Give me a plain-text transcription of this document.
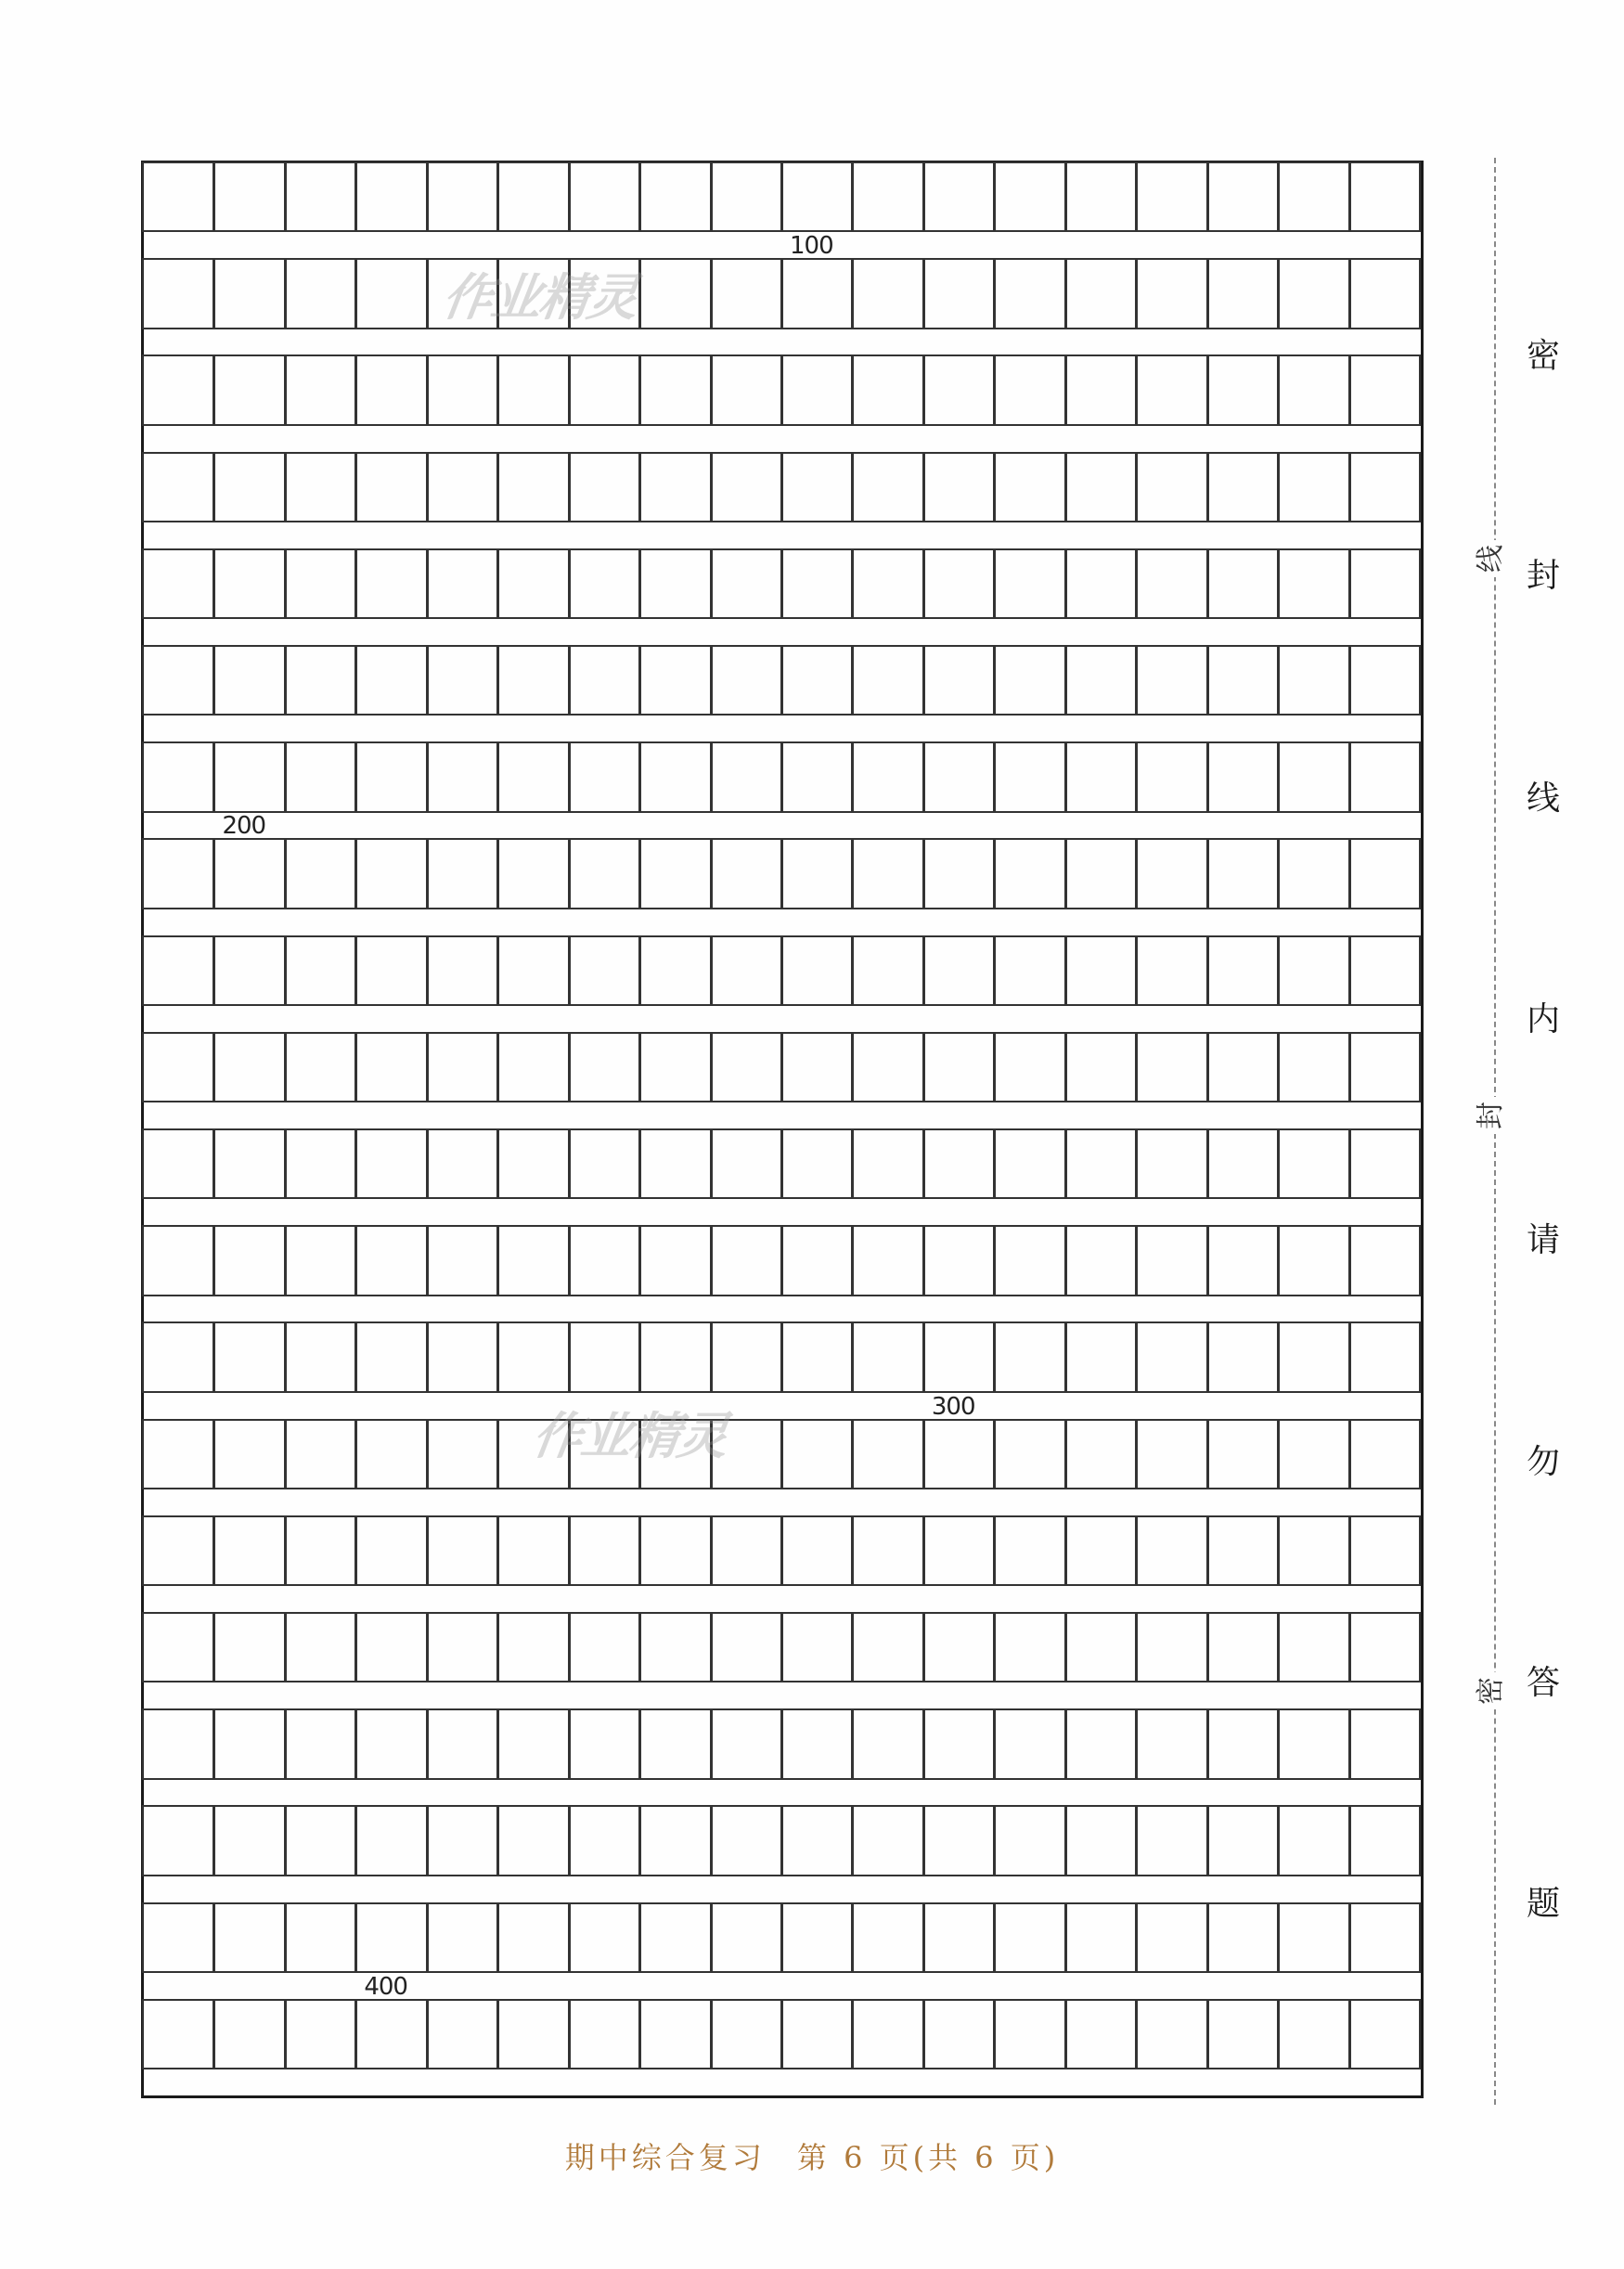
100
200
300
400
作业精灵
作业精灵
线
封
密
密
封
线
内
请
勿
答
题
期中综合复习 第 6 页(共 6 页)
